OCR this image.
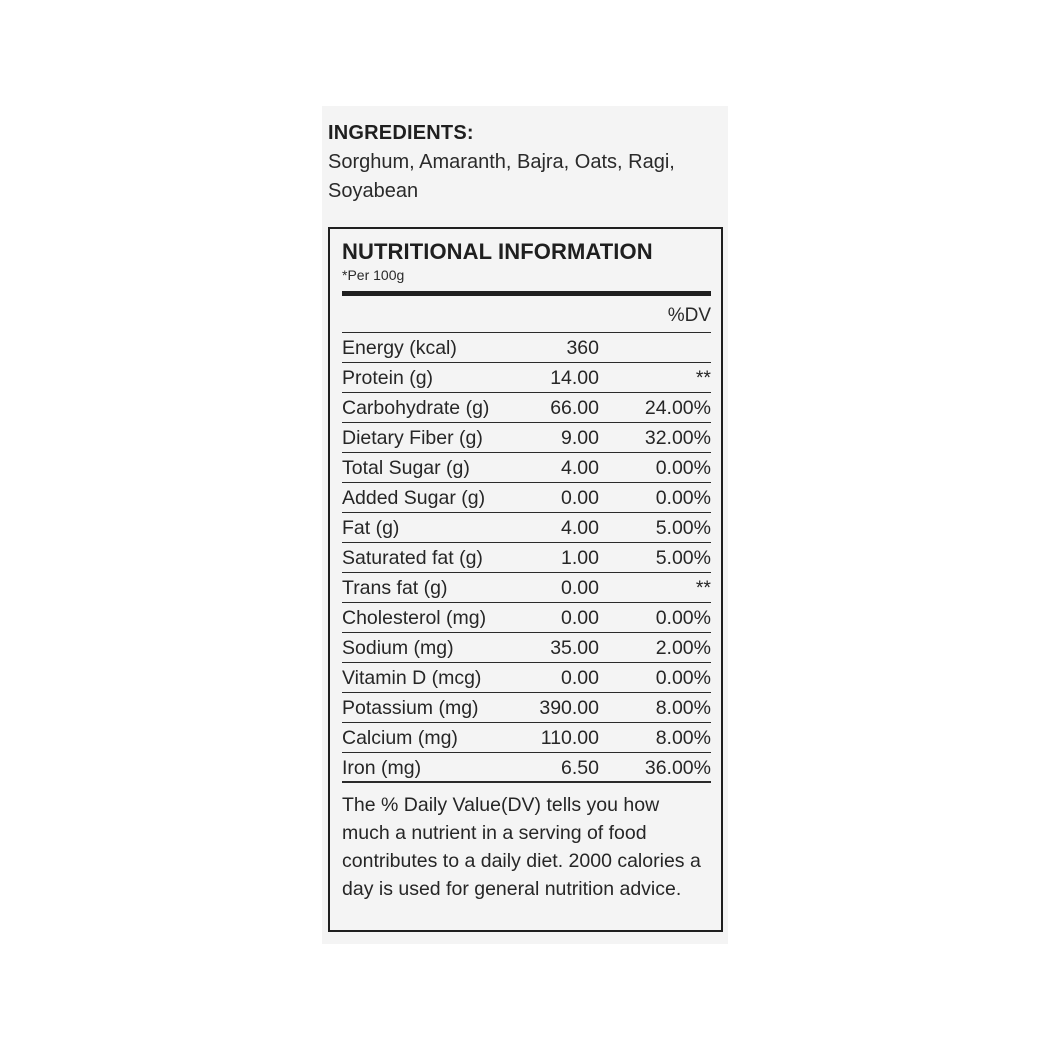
INGREDIENTS:
Sorghum, Amaranth, Bajra, Oats, Ragi, Soyabean
NUTRITIONAL INFORMATION
*Per 100g
%DV
Energy (kcal)	360
Protein (g)	14.00	**
Carbohydrate (g)	66.00 24.00%
Dietary Fiber (g)	9.00 32.00%
Total Sugar (g)	4.00	0.00%
Added Sugar (g)	0.00	0.00%
Fat (g)	4.00	5.00%
Saturated fat (g)	1.00	5.00%
Trans fat (g)	0.00	**
Cholesterol (mg)	0.00	0.00%
Sodium (mg)	35.00	2.00%
Vitamin D (mcg)	0.00	0.00%
Potassium (mg)	390.00	8.00%
Calcium (mg)	110.00	8.00%
Iron (mg)	6.50 36.00%
The % Daily Value(DV) tells you how much a nutrient in a serving of food contributes to a daily diet. 2000 calories a day is used for general nutrition advice.
